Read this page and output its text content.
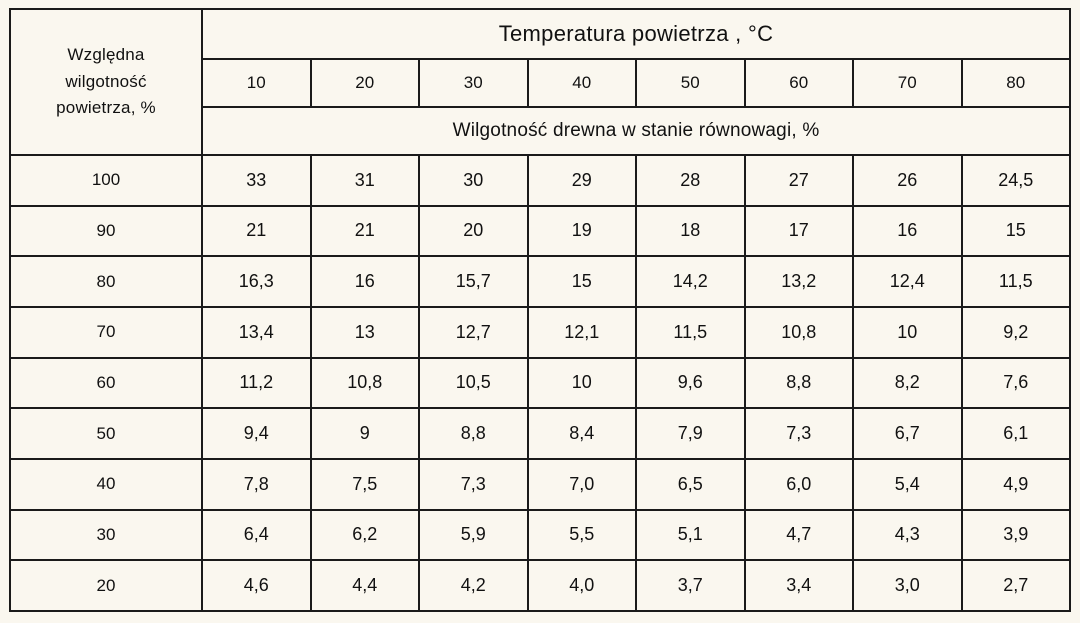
Względna
wilgotność
powietrza, %	Temperatura powietrza , °C							
	10	20	30	40	50	60	70	80
	Wilgotność drewna w stanie równowagi, %							
100	33	31	30	29	28	27	26	24,5
90	21	21	20	19	18	17	16	15
80	16,3	16	15,7	15	14,2	13,2	12,4	11,5
70	13,4	13	12,7	12,1	11,5	10,8	10	9,2
60	11,2	10,8	10,5	10	9,6	8,8	8,2	7,6
50	9,4	9	8,8	8,4	7,9	7,3	6,7	6,1
40	7,8	7,5	7,3	7,0	6,5	6,0	5,4	4,9
30	6,4	6,2	5,9	5,5	5,1	4,7	4,3	3,9
20	4,6	4,4	4,2	4,0	3,7	3,4	3,0	2,7
